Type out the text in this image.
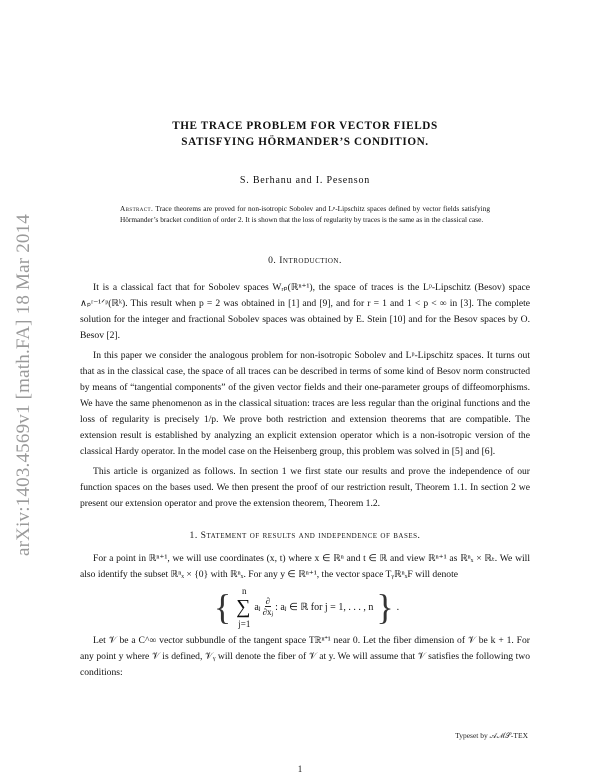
arXiv:1403.4569v1 [math.FA] 18 Mar 2014

THE TRACE PROBLEM FOR VECTOR FIELDS

SATISFYING HÖRMANDER’S CONDITION.

S. Berhanu and I. Pesenson
Abstract. Trace theorems are proved for non-isotropic Sobolev and Lᵖ-Lipschitz spaces defined by vector fields satisfying Hörmander’s bracket condition of order 2. It is shown that the loss of regularity by traces is the same as in the classical case.
0. Introduction.

It is a classical fact that for Sobolev spaces Wᵣₚ(ℝⁿ⁺¹), the space of traces is the Lᵖ-Lipschitz (Besov) space ∧ₚʳ⁻¹ᐟᵖ(ℝᵏ). This result when p = 2 was obtained in [1] and [9], and for r = 1 and 1 < p < ∞ in [3]. The complete solution for the integer and fractional Sobolev spaces was obtained by E. Stein [10] and for the Besov spaces by O. Besov [2].

In this paper we consider the analogous problem for non-isotropic Sobolev and Lᵖ-Lipschitz spaces. It turns out that as in the classical case, the space of all traces can be described in terms of some kind of Besov norm constructed by means of “tangential components” of the given vector fields and their one-parameter groups of diffeomorphisms. We have the same phenomenon as in the classical situation: traces are less regular than the original functions and the loss of regularity is precisely 1/p. We prove both restriction and extension theorems that are compatible. The extension result is established by analyzing an explicit extension operator which is a non-isotropic version of the classical Hardy operator. In the model case on the Heisenberg group, this problem was solved in [5] and [6].

This article is organized as follows. In section 1 we first state our results and prove the independence of our function spaces on the bases used. We then present the proof of our restriction result, Theorem 1.1. In section 2 we present our extension operator and prove the extension theorem, Theorem 1.2.

1. Statement of results and independence of bases.

For a point in ℝⁿ⁺¹, we will use coordinates (x, t) where x ∈ ℝⁿ and t ∈ ℝ and view ℝⁿ⁺¹ as ℝⁿₓ × ℝₜ. We will also identify the subset ℝⁿₓ × {0} with ℝⁿₓ. For any y ∈ ℝⁿ⁺¹, the vector space TᵧℝⁿₓF will denote

{ n
∑
j=1
aⱼ $\frac{\partial}{\text{∂xⱼ}}$ : aⱼ ∈ ℝ for j = 1, . . . , n } .

Let 𝒱 be a C^∞ vector subbundle of the tangent space Tℝⁿ⁺¹ near 0. Let the fiber dimension of 𝒱 be k + 1. For any point y where 𝒱 is defined, 𝒱ᵧ will denote the fiber of 𝒱 at y. We will assume that 𝒱 satisfies the following two conditions:

Typeset by 𝒜ℳ𝒮-TEX
1
